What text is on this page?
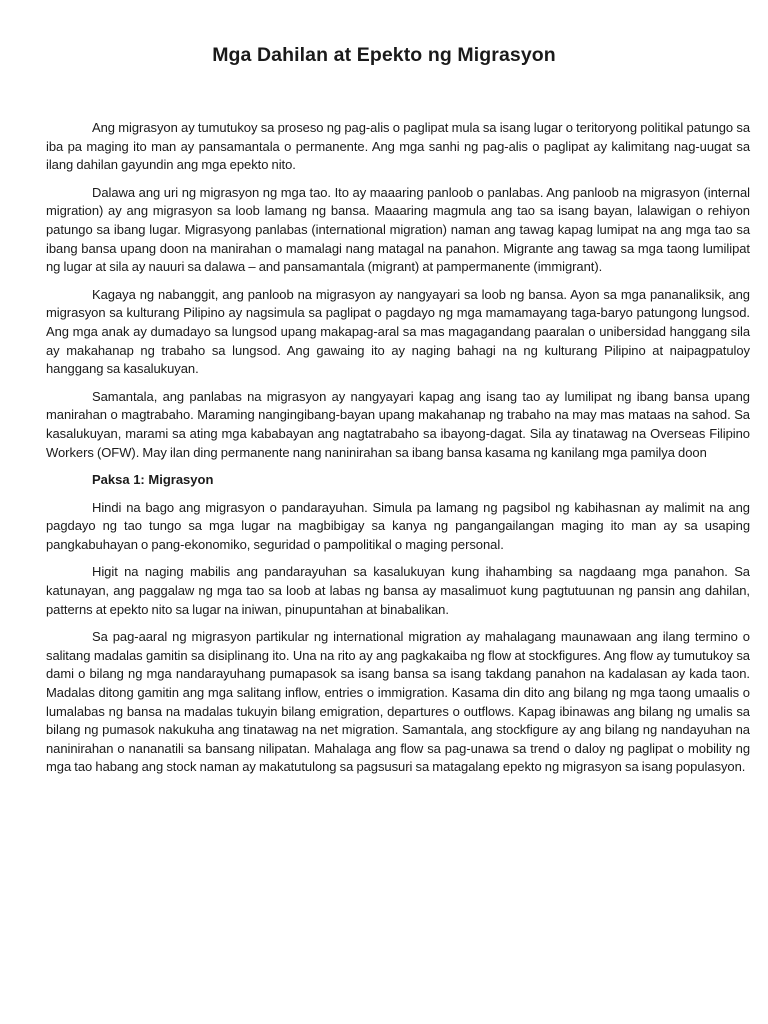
Mga Dahilan at Epekto ng Migrasyon

Ang migrasyon ay tumutukoy sa proseso ng pag-alis o paglipat mula sa isang lugar o teritoryong politikal patungo sa iba pa maging ito man ay pansamantala o permanente. Ang mga sanhi ng pag-alis o paglipat ay kalimitang nag-uugat sa ilang dahilan gayundin ang mga epekto nito.

Dalawa ang uri ng migrasyon ng mga tao. Ito ay maaaring panloob o panlabas. Ang panloob na migrasyon (internal migration) ay ang migrasyon sa loob lamang ng bansa. Maaaring magmula ang tao sa isang bayan, lalawigan o rehiyon patungo sa ibang lugar. Migrasyong panlabas (international migration) naman ang tawag kapag lumipat na ang mga tao sa ibang bansa upang doon na manirahan o mamalagi nang matagal na panahon. Migrante ang tawag sa mga taong lumilipat ng lugar at sila ay nauuri sa dalawa – and pansamantala (migrant) at pampermanente (immigrant).

Kagaya ng nabanggit, ang panloob na migrasyon ay nangyayari sa loob ng bansa. Ayon sa mga pananaliksik, ang migrasyon sa kulturang Pilipino ay nagsimula sa paglipat o pagdayo ng mga mamamayang taga-baryo patungong lungsod. Ang mga anak ay dumadayo sa lungsod upang makapag-aral sa mas magagandang paaralan o unibersidad hanggang sila ay makahanap ng trabaho sa lungsod. Ang gawaing ito ay naging bahagi na ng kulturang Pilipino at naipagpatuloy hanggang sa kasalukuyan.

Samantala, ang panlabas na migrasyon ay nangyayari kapag ang isang tao ay lumilipat ng ibang bansa upang manirahan o magtrabaho. Maraming nangingibang-bayan upang makahanap ng trabaho na may mas mataas na sahod. Sa kasalukuyan, marami sa ating mga kababayan ang nagtatrabaho sa ibayong-dagat. Sila ay tinatawag na Overseas Filipino Workers (OFW). May ilan ding permanente nang naninirahan sa ibang bansa kasama ng kanilang mga pamilya doon

Paksa 1: Migrasyon

Hindi na bago ang migrasyon o pandarayuhan. Simula pa lamang ng pagsibol ng kabihasnan ay malimit na ang pagdayo ng tao tungo sa mga lugar na magbibigay sa kanya ng pangangailangan maging ito man ay sa usaping pangkabuhayan o pang-ekonomiko, seguridad o pampolitikal o maging personal.

Higit na naging mabilis ang pandarayuhan sa kasalukuyan kung ihahambing sa nagdaang mga panahon. Sa katunayan, ang paggalaw ng mga tao sa loob at labas ng bansa ay masalimuot kung pagtutuunan ng pansin ang dahilan, patterns at epekto nito sa lugar na iniwan, pinupuntahan at binabalikan.

Sa pag-aaral ng migrasyon partikular ng international migration ay mahalagang maunawaan ang ilang termino o salitang madalas gamitin sa disiplinang ito. Una na rito ay ang pagkakaiba ng flow at stockfigures. Ang flow ay tumutukoy sa dami o bilang ng mga nandarayuhang pumapasok sa isang bansa sa isang takdang panahon na kadalasan ay kada taon. Madalas ditong gamitin ang mga salitang inflow, entries o immigration. Kasama din dito ang bilang ng mga taong umaalis o lumalabas ng bansa na madalas tukuyin bilang emigration, departures o outflows. Kapag ibinawas ang bilang ng umalis sa bilang ng pumasok nakukuha ang tinatawag na net migration. Samantala, ang stockfigure ay ang bilang ng nandayuhan na naninirahan o nananatili sa bansang nilipatan. Mahalaga ang flow sa pag-unawa sa trend o daloy ng paglipat o mobility ng mga tao habang ang stock naman ay makatutulong sa pagsusuri sa matagalang epekto ng migrasyon sa isang populasyon.
